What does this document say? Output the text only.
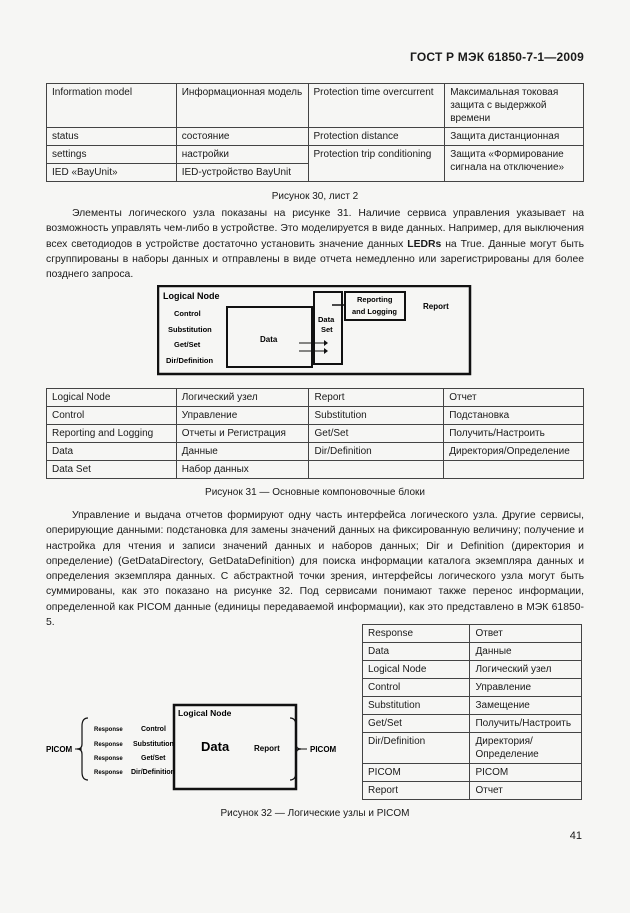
ГОСТ Р МЭК 61850-7-1—2009
Information model	Информационная модель	Protection time overcurrent	Максимальная токовая защита с выдержкой времени
status	состояние	Protection distance	Защита дистанционная
settings	настройки	Protection trip conditioning	Защита «Формирование сигнала на отключение»
IED «BayUnit»	IED-устройство BayUnit		
Рисунок 30, лист 2

Элементы логического узла показаны на рисунке 31. Наличие сервиса управления указывает на возможность управлять чем-либо в устройстве. Это моделируется в виде данных. Например, для выключения всех светодиодов в устройстве достаточно установить значение данных LEDRs на True. Данные могут быть сгруппированы в наборы данных и отправлены в виде отчета немедленно или зарегистрированы для более позднего запроса.

Logical Node
Control
Substitution
Get/Set
Dir/Definition
Data
Data
Set
Reporting
and Logging
Report
Logical Node	Логический узел	Report	Отчет
Control	Управление	Substitution	Подстановка
Reporting and Logging	Отчеты и Регистрация	Get/Set	Получить/Настроить
Data	Данные	Dir/Definition	Директория/Определение
Data Set	Набор данных		
Рисунок 31 — Основные компоновочные блоки

Управление и выдача отчетов формируют одну часть интерфейса логического узла. Другие сервисы, оперирующие данными: подстановка для замены значений данных на фиксированную величину; получение и настройка для чтения и записи значений данных и наборов данных; Dir и Definition (директория и определение) (GetDataDirectory, GetDataDefinition) для поиска информации каталога экземпляра данных и определения экземпляра данных. С абстрактной точки зрения, интерфейсы логического узла могут быть суммированы, как это показано на рисунке 32. Под сервисами понимают также перенос информации, определенной как PICOM данные (единицы передаваемой информации), как это представлено в МЭК 61850-5.

Response	Ответ
Data	Данные
Logical Node	Логический узел
Control	Управление
Substitution	Замещение
Get/Set	Получить/Настроить
Dir/Definition	Директория/Определение
PICOM	PICOM
Report	Отчет
PICOM
Response
Response
Response
Response
Logical Node
Control
Substitution
Get/Set
Dir/Definition
Data	Report	PICOM
Рисунок 32 — Логические узлы и PICOM
41
